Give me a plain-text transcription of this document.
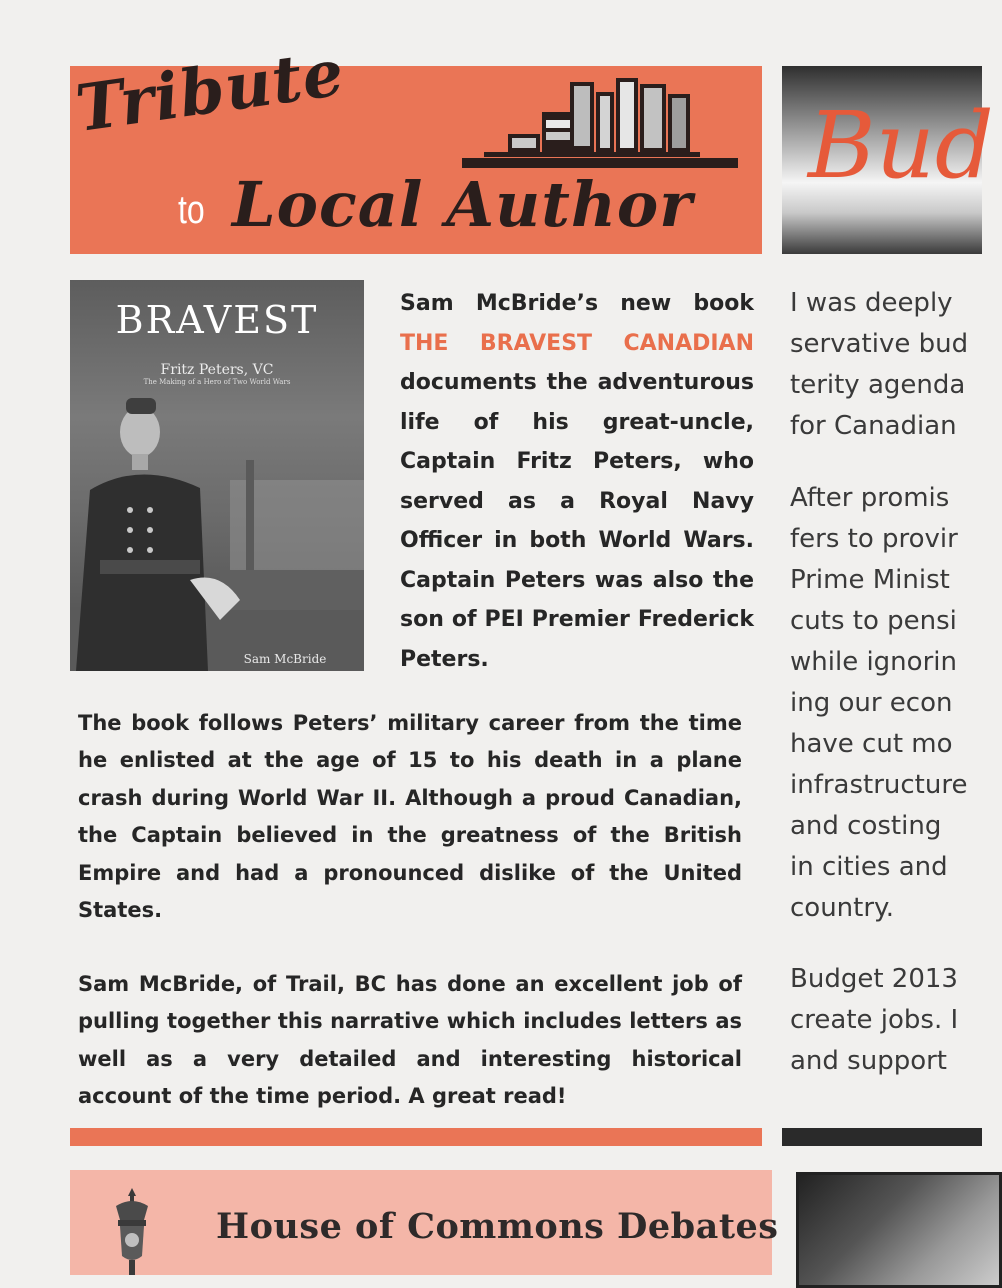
Tribute
to Local Author
BRAVEST
Fritz Peters, VC
The Making of a Hero of Two World Wars
Sam McBride
Sam McBride’s new book THE BRAVEST CANADIAN documents the adventurous life of his great-uncle, Captain Fritz Peters, who served as a Royal Navy Officer in both World Wars. Captain Peters was also the son of PEI Premier Frederick Peters.
The book follows Peters’ military career from the time he enlisted at the age of 15 to his death in a plane crash during World War II. Although a proud Canadian, the Captain believed in the greatness of the British Empire and had a pronounced dislike of the United States.
Sam McBride, of Trail, BC has done an excellent job of pulling together this narrative which includes letters as well as a very detailed and interesting historical account of the time period. A great read!
House of Commons Debates
Bud
I was deeply
servative bud
terity agenda
for Canadian
After promis
fers to provir
Prime Minist
cuts to pensi
while ignorin
ing our econ
have cut mo
infrastructure
and costing
in cities and
country.
Budget 2013
create jobs. I
and support
